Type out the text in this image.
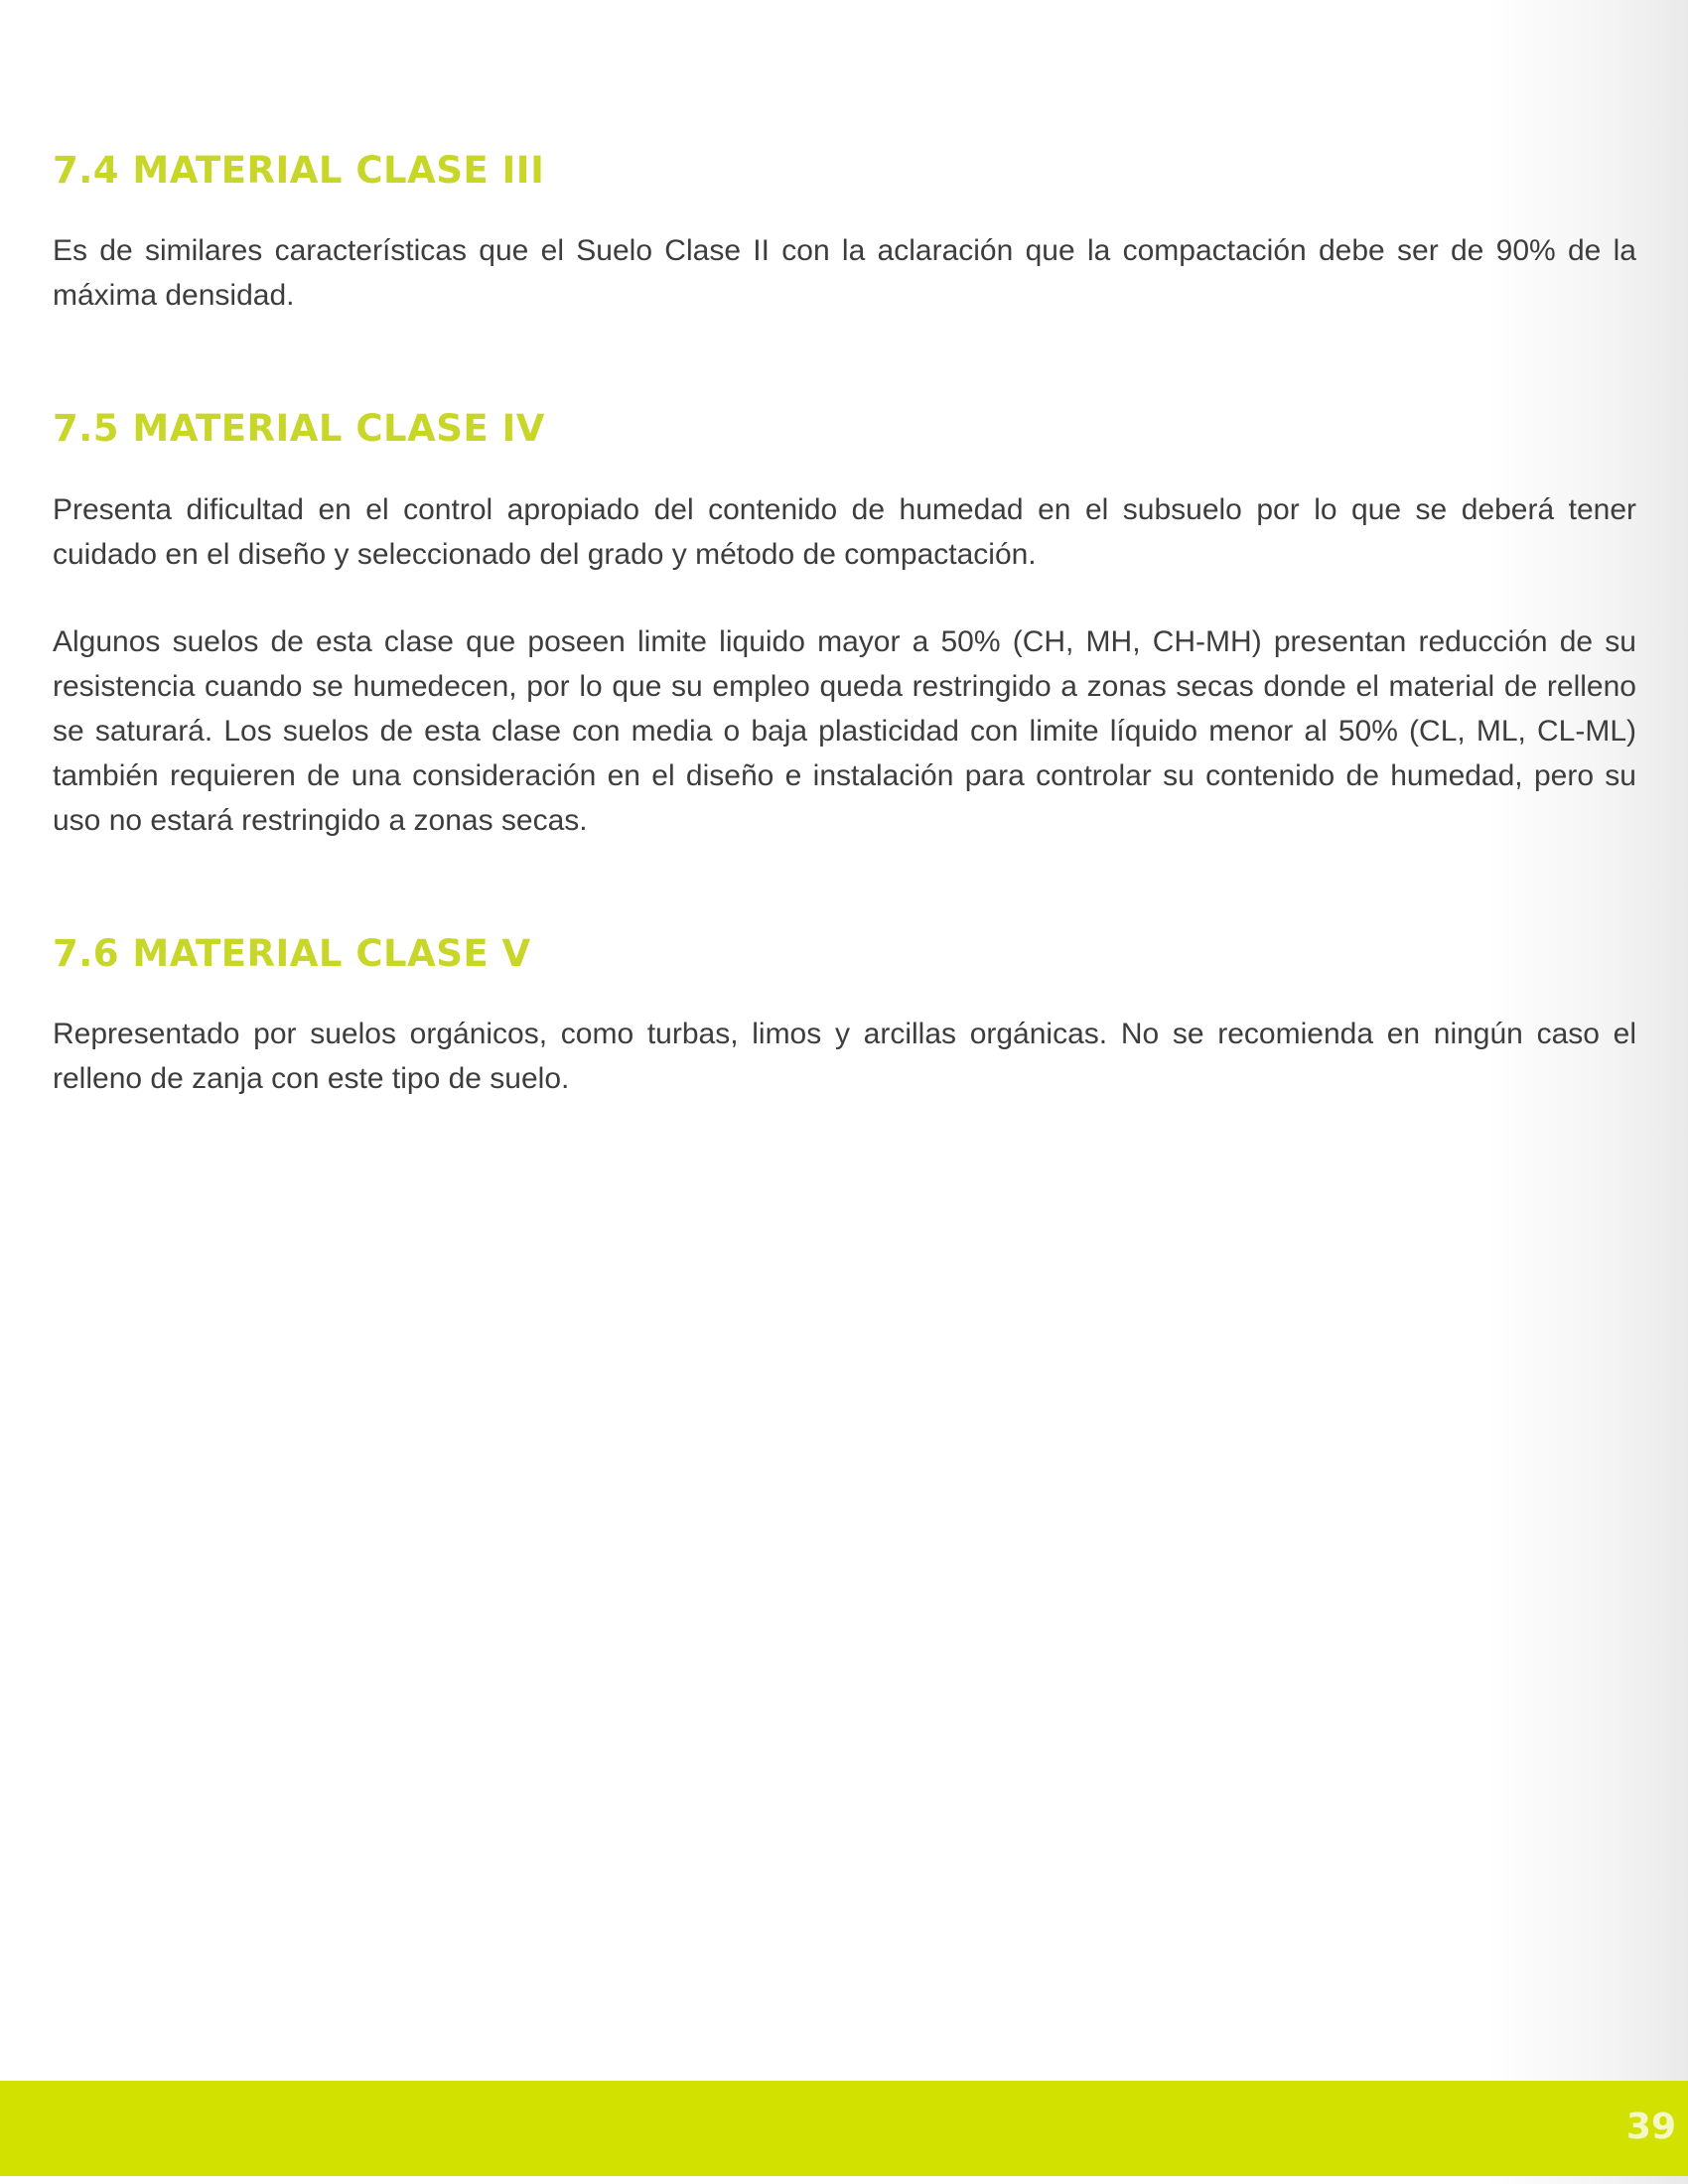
7.4 MATERIAL CLASE III

Es de similares características que el Suelo Clase II con la aclaración que la compactación debe ser de 90% de la máxima densidad.

7.5 MATERIAL CLASE IV

Presenta dificultad en el control apropiado del contenido de humedad en el subsuelo por lo que se deberá tener cuidado en el diseño y seleccionado del grado y método de compactación.

Algunos suelos de esta clase que poseen limite liquido mayor a 50% (CH, MH, CH-MH) presentan reducción de su resistencia cuando se humedecen, por lo que su empleo queda restringido a zonas secas donde el material de relleno se saturará. Los suelos de esta clase con media o baja plasticidad con limite líquido menor al 50% (CL, ML, CL-ML) también requieren de una consideración en el diseño e instalación para controlar su contenido de humedad, pero su uso no estará restringido a zonas secas.

7.6 MATERIAL CLASE V

Representado por suelos orgánicos, como turbas, limos y arcillas orgánicas. No se recomienda en ningún caso el relleno de zanja con este tipo de suelo.

39
